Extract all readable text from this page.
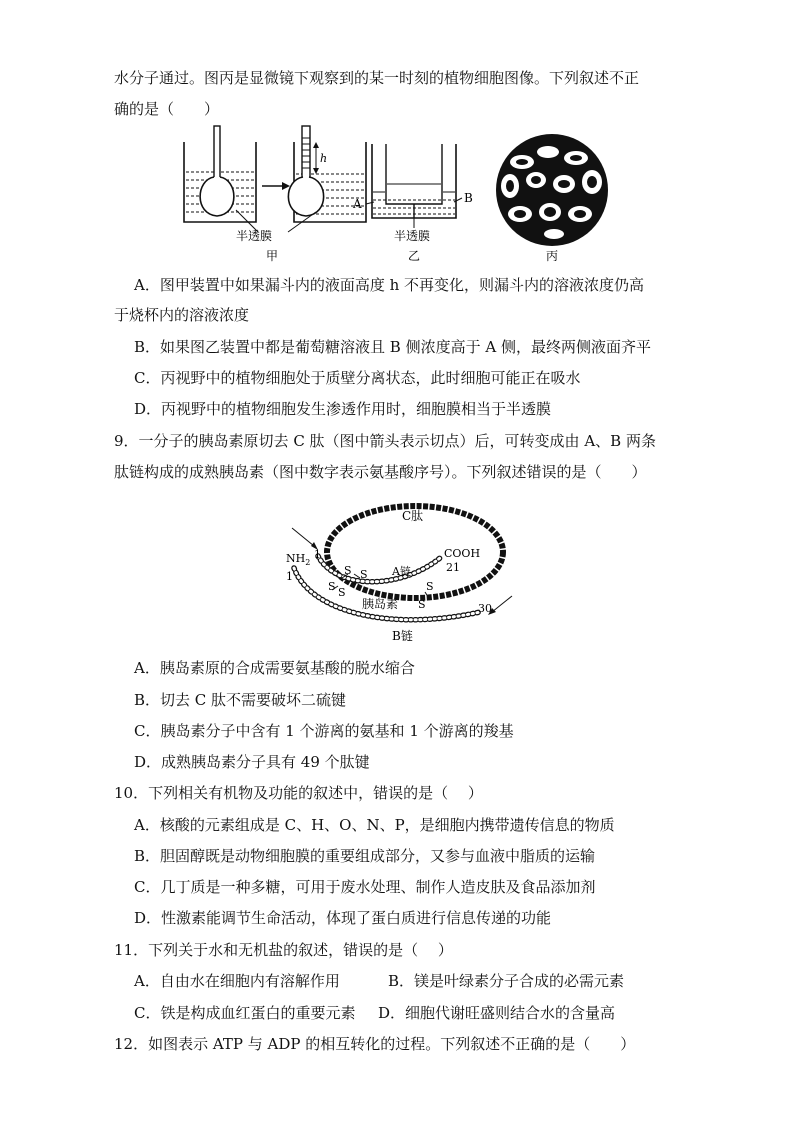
水分子通过。图丙是显微镜下观察到的某一时刻的植物细胞图像。下列叙述不正
确的是（　　）
h
半透膜
甲
A	B
半透膜
乙	丙
A．图甲装置中如果漏斗内的液面高度 h 不再变化，则漏斗内的溶液浓度仍高
于烧杯内的溶液浓度
B．如果图乙装置中都是葡萄糖溶液且 B 侧浓度高于 A 侧，最终两侧液面齐平
C．丙视野中的植物细胞处于质壁分离状态，此时细胞可能正在吸水
D．丙视野中的植物细胞发生渗透作用时，细胞膜相当于半透膜
9．一分子的胰岛素原切去 C 肽（图中箭头表示切点）后，可转变成由 A、B 两条
肽链构成的成熟胰岛素（图中数字表示氨基酸序号）。下列叙述错误的是（　　）
C肽
$NH_2$
1
1
COOH
21
30
A链
胰岛素
B链
S S
S S	S
S
A．胰岛素原的合成需要氨基酸的脱水缩合
B．切去 C 肽不需要破坏二硫键
C．胰岛素分子中含有 1 个游离的氨基和 1 个游离的羧基
D．成熟胰岛素分子具有 49 个肽键
10．下列相关有机物及功能的叙述中，错误的是（　 ）
A．核酸的元素组成是 C、H、O、N、P，是细胞内携带遗传信息的物质
B．胆固醇既是动物细胞膜的重要组成部分，又参与血液中脂质的运输
C．几丁质是一种多糖，可用于废水处理、制作人造皮肤及食品添加剂
D．性激素能调节生命活动，体现了蛋白质进行信息传递的功能
11．下列关于水和无机盐的叙述，错误的是（　 ）
A．自由水在细胞内有溶解作用	B．镁是叶绿素分子合成的必需元素
C．铁是构成血红蛋白的重要元素 D．细胞代谢旺盛则结合水的含量高
12．如图表示 ATP 与 ADP 的相互转化的过程。下列叙述不正确的是（　　）
